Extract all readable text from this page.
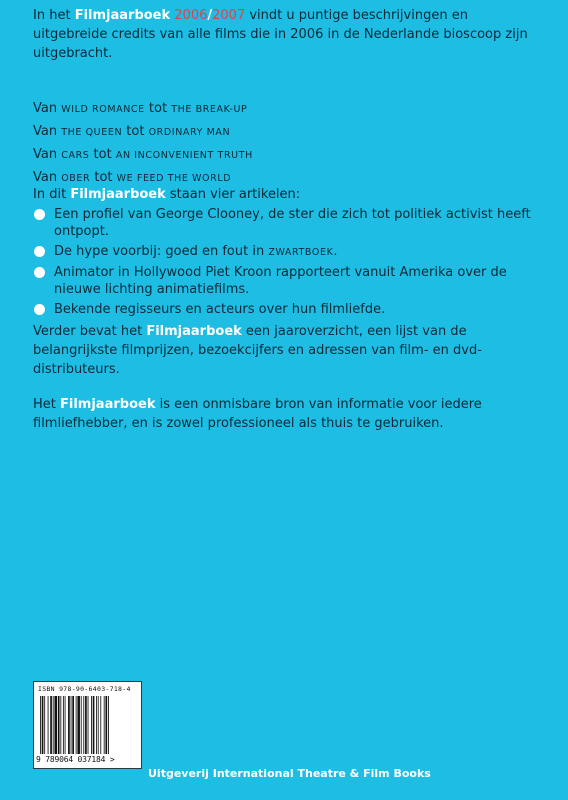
In het Filmjaarboek 2006/2007 vindt u puntige beschrijvingen en uitgebreide credits van alle films die in 2006 in de Nederlande bioscoop zijn uitgebracht.
Van WILD ROMANCE tot THE BREAK-UP
Van THE QUEEN tot ORDINARY MAN
Van CARS tot AN INCONVENIENT TRUTH
Van OBER tot WE FEED THE WORLD
In dit Filmjaarboek staan vier artikelen:
Een profiel van George Clooney, de ster die zich tot politiek activist heeft ontpopt.
De hype voorbij: goed en fout in ZWARTBOEK.
Animator in Hollywood Piet Kroon rapporteert vanuit Amerika over de nieuwe lichting animatiefilms.
Bekende regisseurs en acteurs over hun filmliefde.
Verder bevat het Filmjaarboek een jaaroverzicht, een lijst van de belangrijkste filmprijzen, bezoekcijfers en adressen van film- en dvd-distributeurs.
Het Filmjaarboek is een onmisbare bron van informatie voor iedere filmliefhebber, en is zowel professioneel als thuis te gebruiken.
ISBN 978-90-6403-718-4
9 789064 037184 >
Uitgeverij International Theatre & Film Books
